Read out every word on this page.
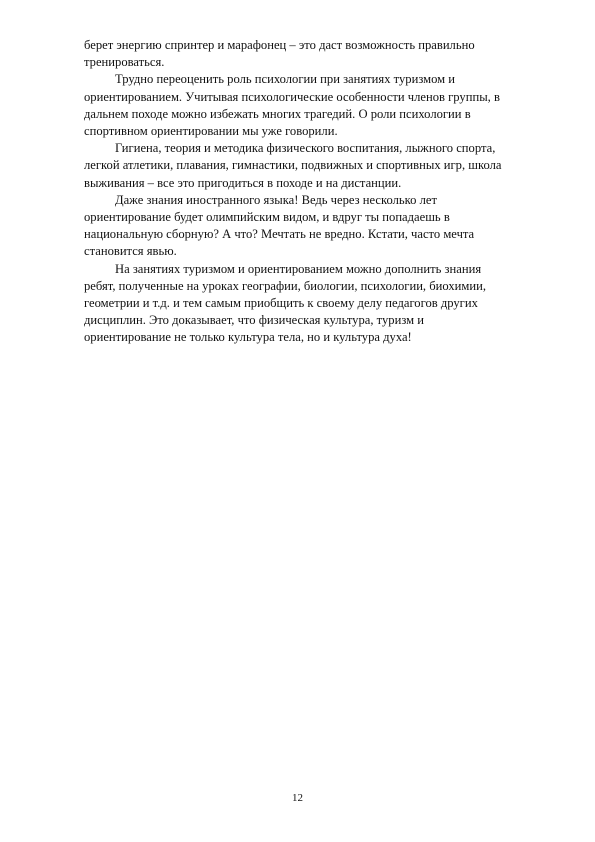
берет энергию спринтер и марафонец – это даст возможность правильно
тренироваться.

Трудно переоценить роль психологии при занятиях туризмом и
ориентированием. Учитывая психологические особенности членов группы, в
дальнем походе можно избежать многих трагедий. О роли психологии в
спортивном ориентировании мы уже говорили.

Гигиена, теория и методика физического воспитания, лыжного спорта,
легкой атлетики, плавания, гимнастики, подвижных и спортивных игр, школа
выживания – все это пригодиться в походе и на дистанции.

Даже знания иностранного языка! Ведь через несколько лет
ориентирование будет олимпийским видом, и вдруг ты попадаешь в
национальную сборную? А что? Мечтать не вредно. Кстати, часто мечта
становится явью.

На занятиях туризмом и ориентированием можно дополнить знания
ребят, полученные на уроках географии, биологии, психологии, биохимии,
геометрии и т.д. и тем самым приобщить к своему делу педагогов других
дисциплин. Это доказывает, что физическая культура, туризм и
ориентирование не только культура тела, но и культура духа!

12
